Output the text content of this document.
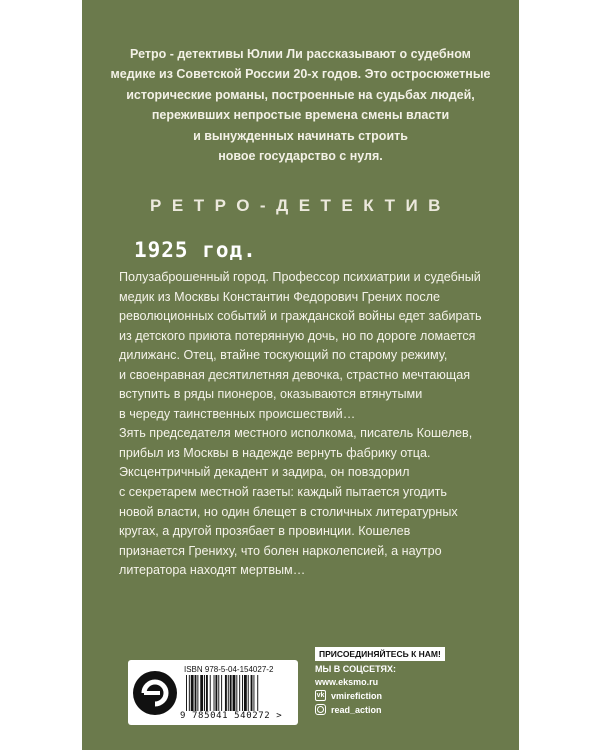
Ретро - детективы Юлии Ли рассказывают о судебном
медике из Советской России 20-х годов. Это остросюжетные
исторические романы, построенные на судьбах людей,
переживших непростые времена смены власти
и вынужденных начинать строить
новое государство с нуля.
РЕТРО-ДЕТЕКТИВ
1925 год.
Полузаброшенный город. Профессор психиатрии и судебный
медик из Москвы Константин Федорович Грених после
революционных событий и гражданской войны едет забирать
из детского приюта потерянную дочь, но по дороге ломается
дилижанс. Отец, втайне тоскующий по старому режиму,
и своенравная десятилетняя девочка, страстно мечтающая
вступить в ряды пионеров, оказываются втянутыми
в череду таинственных происшествий…
Зять председателя местного исполкома, писатель Кошелев,
прибыл из Москвы в надежде вернуть фабрику отца.
Эксцентричный декадент и задира, он повздорил
с секретарем местной газеты: каждый пытается угодить
новой власти, но один блещет в столичных литературных
кругах, а другой прозябает в провинции. Кошелев
признается Грениху, что болен нарколепсией, а наутро
литератора находят мертвым…
ISBN 978-5-04-154027-2
9 785041 540272 >
ПРИСОЕДИНЯЙТЕСЬ К НАМ!
МЫ В СОЦСЕТЯХ:
www.eksmo.ru
vk vmirefiction
read_action
